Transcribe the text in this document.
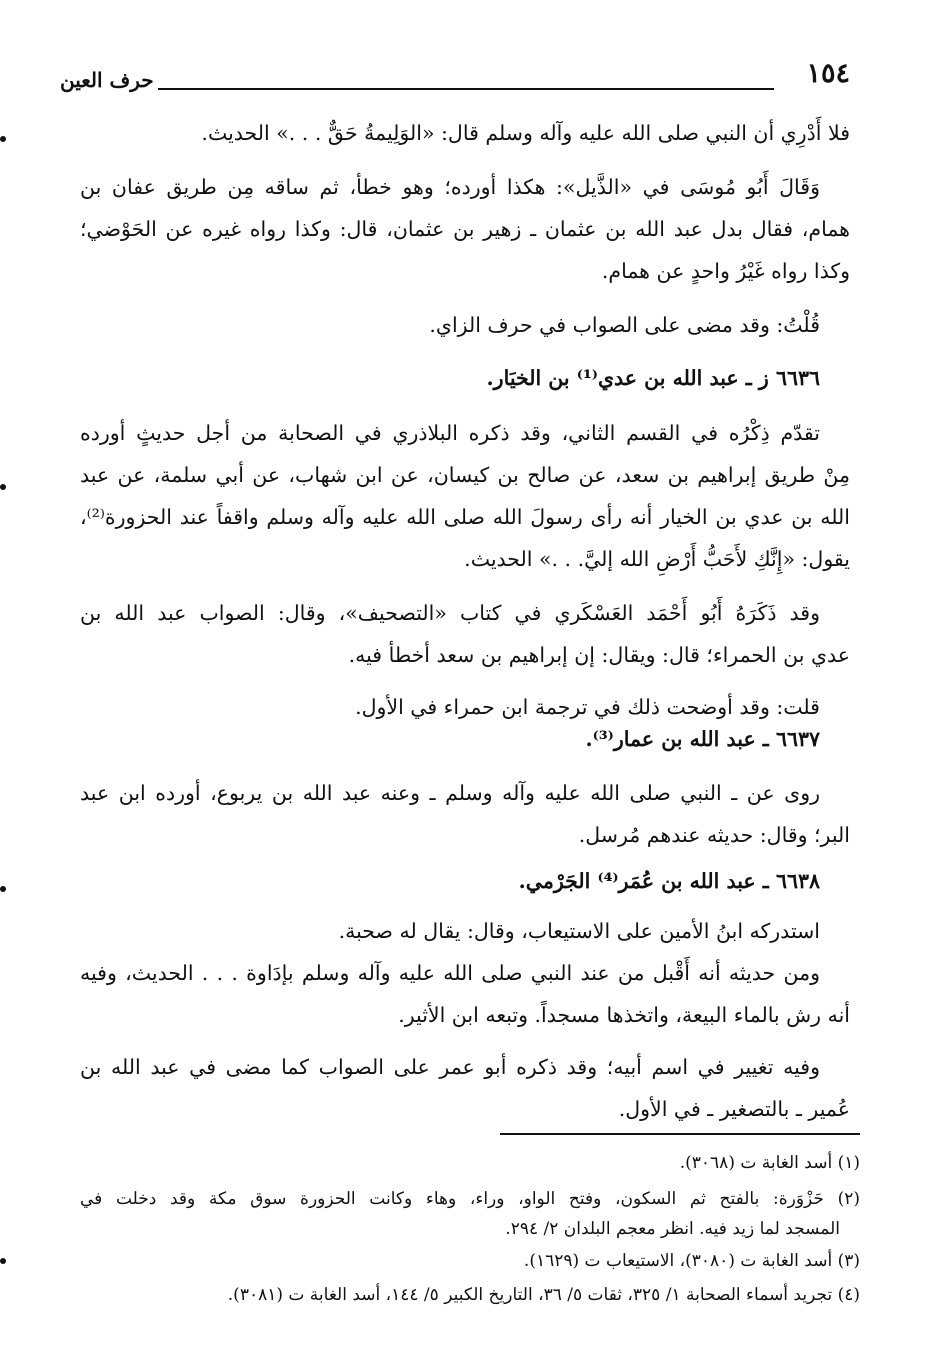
١٥٤
حرف العين
فلا أَدْرِي أن النبي صلى الله عليه وآله وسلم قال: «الوَلِيمةُ حَقٌّ . . .» الحديث.
وَقَالَ أَبُو مُوسَى في «الذَّيل»: هكذا أورده؛ وهو خطأ، ثم ساقه مِن طريق عفان بن
همام، فقال بدل عبد الله بن عثمان ـ زهير بن عثمان، قال: وكذا رواه غيره عن الحَوْضي؛
وكذا رواه غَيْرُ واحدٍ عن همام.
قُلْتُ: وقد مضى على الصواب في حرف الزاي.
٦٦٣٦ ز ـ عبد الله بن عدي⁽¹⁾ بن الخيَار.
تقدّم ذِكْرُه في القسم الثاني، وقد ذكره البلاذري في الصحابة من أجل حديثٍ أورده
مِنْ طريق إبراهيم بن سعد، عن صالح بن كيسان، عن ابن شهاب، عن أبي سلمة، عن عبد
الله بن عدي بن الخيار أنه رأى رسولَ الله صلى الله عليه وآله وسلم واقفاً عند الحزورة⁽²⁾،
يقول: «إِنَّكِ لأَحَبُّ أَرْضِ الله إليَّ. . .» الحديث.
وقد ذَكَرَهُ أَبُو أَحْمَد العَسْكَري في كتاب «التصحيف»، وقال: الصواب عبد الله بن
عدي بن الحمراء؛ قال: ويقال: إن إبراهيم بن سعد أخطأ فيه.
قلت: وقد أوضحت ذلك في ترجمة ابن حمراء في الأول.
٦٦٣٧ ـ عبد الله بن عمار⁽³⁾.
روى عن ـ النبي صلى الله عليه وآله وسلم ـ وعنه عبد الله بن يربوع، أورده ابن عبد
البر؛ وقال: حديثه عندهم مُرسل.
٦٦٣٨ ـ عبد الله بن عُمَر⁽⁴⁾ الجَرْمي.
استدركه ابنُ الأمين على الاستيعاب، وقال: يقال له صحبة.
ومن حديثه أنه أَقْبل من عند النبي صلى الله عليه وآله وسلم بإدَاوة . . . الحديث، وفيه
أنه رش بالماء البيعة، واتخذها مسجداً. وتبعه ابن الأثير.
وفيه تغيير في اسم أبيه؛ وقد ذكره أبو عمر على الصواب كما مضى في عبد الله بن
عُمير ـ بالتصغير ـ في الأول.
(١) أسد الغابة ت (٣٠٦٨).
(٢) حَزْوَرة: بالفتح ثم السكون، وفتح الواو، وراء، وهاء وكانت الحزورة سوق مكة وقد دخلت في
المسجد لما زيد فيه. انظر معجم البلدان ٢/ ٢٩٤.
(٣) أسد الغابة ت (٣٠٨٠)، الاستيعاب ت (١٦٢٩).
(٤) تجريد أسماء الصحابة ١/ ٣٢٥، ثقات ٥/ ٣٦، التاريخ الكبير ٥/ ١٤٤، أسد الغابة ت (٣٠٨١).
